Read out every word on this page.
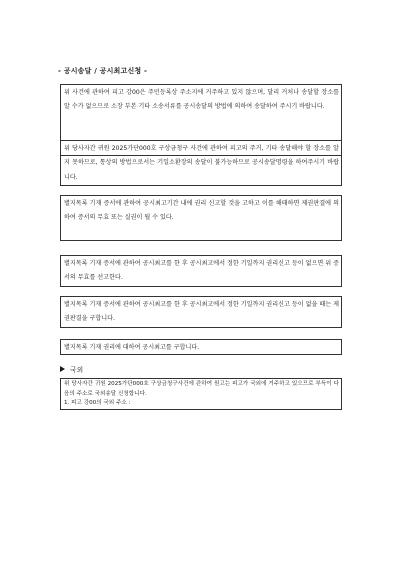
- 공시송달 / 공시최고신청 -
위 사건에 관하여 피고 강00은 주민등록상 주소지에 거주하고 있지 않으며, 달리 거처나 송달할 장소를 알 수가 없으므로 소장 부본 기타 소송서류를 공시송달의 방법에 의하여 송달하여 주시기 바랍니다.
위 당사자간 귀원 2025가단000호 구상금청구 사건에 관하여 피고의 주거, 기타 송달해야 할 장소를 알지 못하므로, 통상의 방법으로서는 기일소환장의 송달이 불가능하므로 공시송달명령을 하여주시기 바랍니다.
별지목록 기재 증서에 관하여 공시최고기간 내에 권리 신고할 것을 고하고 이를 해태하면 제권판결에 의하여 증서의 무효 또는 실권이 될 수 있다.
별지목록 기재 증서에 관하여 공시최고를 한 후 공시최고에서 정한 기일까지 권리신고 등이 없으면 위 증서의 무효를 선고한다.
별지목록 기재 증서에 관하여 공시최고를 한 후 공시최고에서 정한 기일까지 권리신고 등이 없을 때는 제권판결을 구합니다.
별지목록 기재 권리에 대하여 공시최고를 구합니다.
국외
위 당사자간 귀원 2025가단000호 구상금청구사건에 관하여 원고는 피고가 국외에 거주하고 있으므로 부득이 다음의 주소로 국외송달 신청합니다.
1. 피고 강00의 국외 주소 :
